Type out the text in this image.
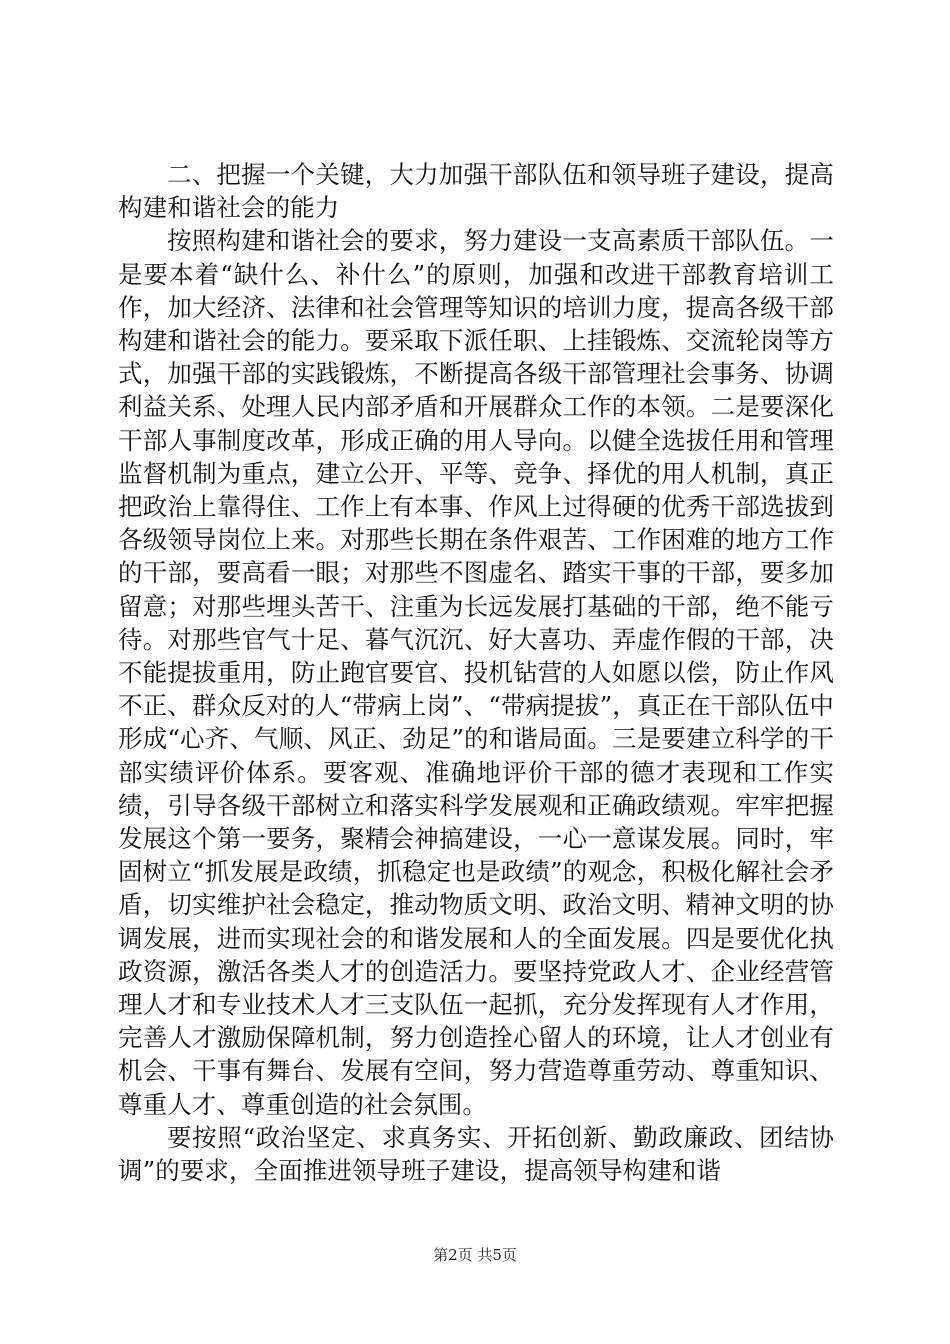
二、把握一个关键，大力加强干部队伍和领导班子建设，提高构建和谐社会的能力

按照构建和谐社会的要求，努力建设一支高素质干部队伍。一是要本着“缺什么、补什么”的原则，加强和改进干部教育培训工作，加大经济、法律和社会管理等知识的培训力度，提高各级干部构建和谐社会的能力。要采取下派任职、上挂锻炼、交流轮岗等方式，加强干部的实践锻炼，不断提高各级干部管理社会事务、协调利益关系、处理人民内部矛盾和开展群众工作的本领。二是要深化干部人事制度改革，形成正确的用人导向。以健全选拔任用和管理监督机制为重点，建立公开、平等、竞争、择优的用人机制，真正把政治上靠得住、工作上有本事、作风上过得硬的优秀干部选拔到各级领导岗位上来。对那些长期在条件艰苦、工作困难的地方工作的干部，要高看一眼；对那些不图虚名、踏实干事的干部，要多加留意；对那些埋头苦干、注重为长远发展打基础的干部，绝不能亏待。对那些官气十足、暮气沉沉、好大喜功、弄虚作假的干部，决不能提拔重用，防止跑官要官、投机钻营的人如愿以偿，防止作风不正、群众反对的人“带病上岗”、“带病提拔”，真正在干部队伍中形成“心齐、气顺、风正、劲足”的和谐局面。三是要建立科学的干部实绩评价体系。要客观、准确地评价干部的德才表现和工作实绩，引导各级干部树立和落实科学发展观和正确政绩观。牢牢把握发展这个第一要务，聚精会神搞建设，一心一意谋发展。同时，牢固树立“抓发展是政绩，抓稳定也是政绩”的观念，积极化解社会矛盾，切实维护社会稳定，推动物质文明、政治文明、精神文明的协调发展，进而实现社会的和谐发展和人的全面发展。四是要优化执政资源，激活各类人才的创造活力。要坚持党政人才、企业经营管理人才和专业技术人才三支队伍一起抓，充分发挥现有人才作用，完善人才激励保障机制，努力创造拴心留人的环境，让人才创业有机会、干事有舞台、发展有空间，努力营造尊重劳动、尊重知识、尊重人才、尊重创造的社会氛围。

要按照“政治坚定、求真务实、开拓创新、勤政廉政、团结协调”的要求，全面推进领导班子建设，提高领导构建和谐

第2页 共5页
